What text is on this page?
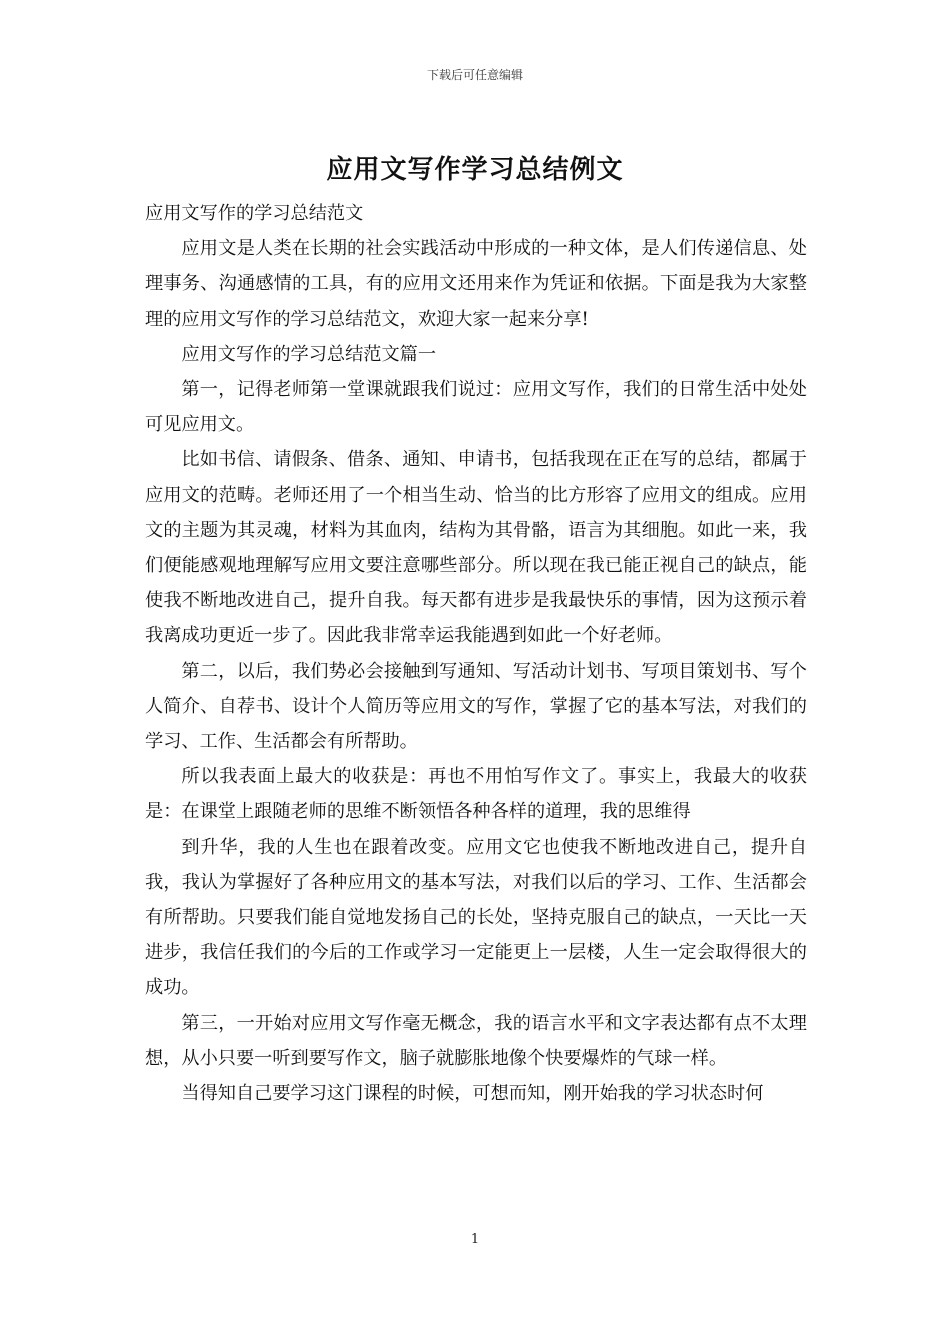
下载后可任意编辑
应用文写作学习总结例文

应用文写作的学习总结范文

应用文是人类在长期的社会实践活动中形成的一种文体，是人们传递信息、处理事务、沟通感情的工具，有的应用文还用来作为凭证和依据。下面是我为大家整理的应用文写作的学习总结范文，欢迎大家一起来分享!

应用文写作的学习总结范文篇一

第一，记得老师第一堂课就跟我们说过：应用文写作，我们的日常生活中处处可见应用文。

比如书信、请假条、借条、通知、申请书，包括我现在正在写的总结，都属于应用文的范畴。老师还用了一个相当生动、恰当的比方形容了应用文的组成。应用文的主题为其灵魂，材料为其血肉，结构为其骨骼，语言为其细胞。如此一来，我们便能感观地理解写应用文要注意哪些部分。所以现在我已能正视自己的缺点，能使我不断地改进自己，提升自我。每天都有进步是我最快乐的事情，因为这预示着我离成功更近一步了。因此我非常幸运我能遇到如此一个好老师。

第二，以后，我们势必会接触到写通知、写活动计划书、写项目策划书、写个人简介、自荐书、设计个人简历等应用文的写作，掌握了它的基本写法，对我们的学习、工作、生活都会有所帮助。

所以我表面上最大的收获是：再也不用怕写作文了。事实上，我最大的收获是：在课堂上跟随老师的思维不断领悟各种各样的道理，我的思维得

到升华，我的人生也在跟着改变。应用文它也使我不断地改进自己，提升自我，我认为掌握好了各种应用文的基本写法，对我们以后的学习、工作、生活都会有所帮助。只要我们能自觉地发扬自己的长处，坚持克服自己的缺点，一天比一天进步，我信任我们的今后的工作或学习一定能更上一层楼，人生一定会取得很大的成功。

第三，一开始对应用文写作毫无概念，我的语言水平和文字表达都有点不太理想，从小只要一听到要写作文，脑子就膨胀地像个快要爆炸的气球一样。

当得知自己要学习这门课程的时候，可想而知，刚开始我的学习状态时何

1
